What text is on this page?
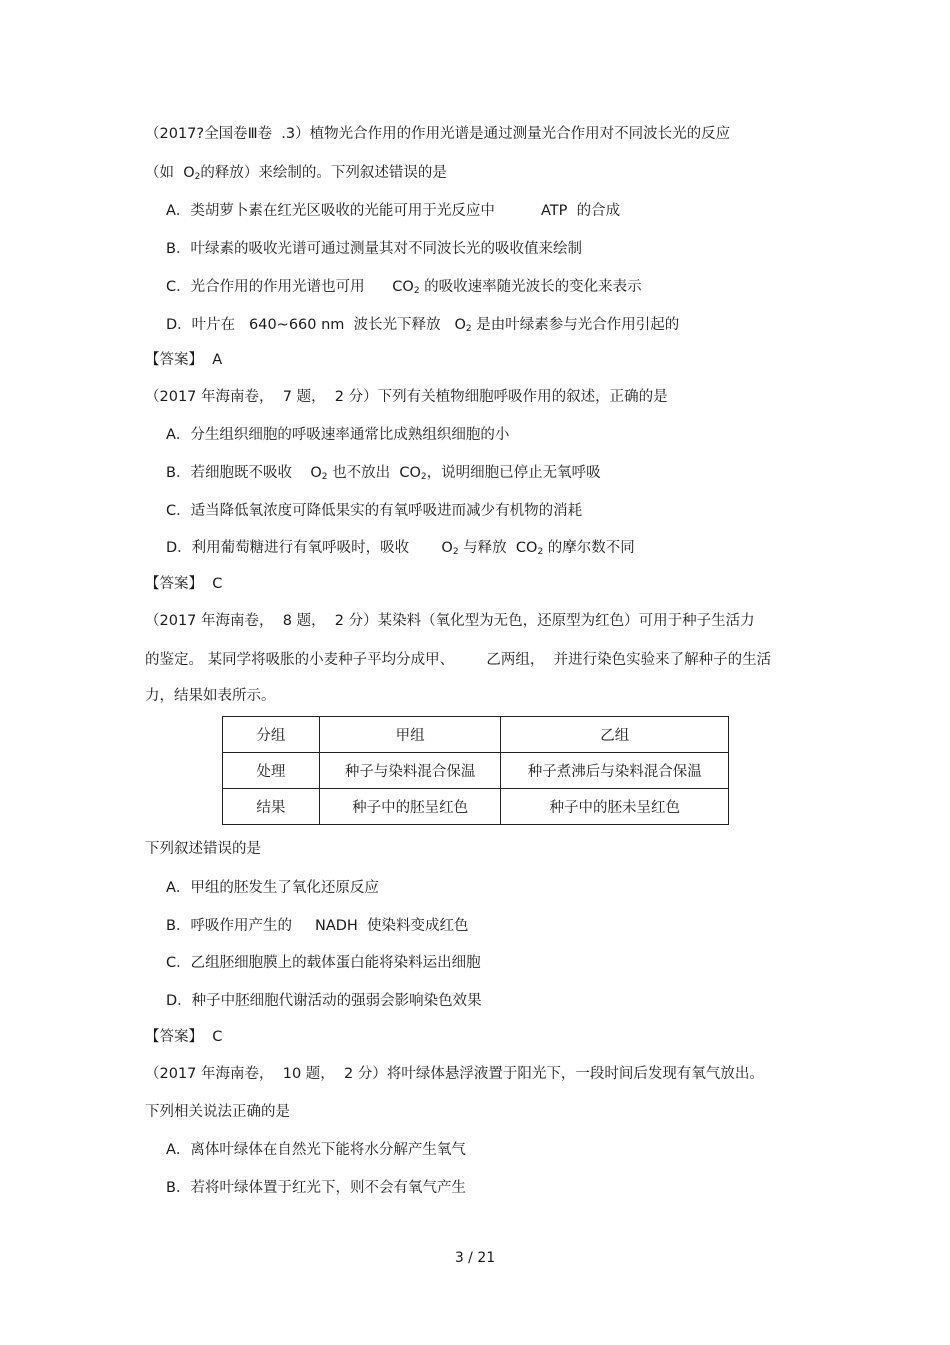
（2017?全国卷Ⅲ卷  .3）植物光合作用的作用光谱是通过测量光合作用对不同波长光的反应
（如  $O_2$的释放）来绘制的。下列叙述错误的是
A．类胡萝卜素在红光区吸收的光能可用于光反应中          ATP  的合成
B．叶绿素的吸收光谱可通过测量其对不同波长光的吸收值来绘制
C．光合作用的作用光谱也可用      $CO_2$ 的吸收速率随光波长的变化来表示
D．叶片在   640~660 nm  波长光下释放   $O_2$ 是由叶绿素参与光合作用引起的
【答案】  A
（2017 年海南卷，  7 题，  2 分）下列有关植物细胞呼吸作用的叙述，正确的是
A．分生组织细胞的呼吸速率通常比成熟组织细胞的小
B．若细胞既不吸收    $O_2$ 也不放出  $CO_2$，说明细胞已停止无氧呼吸
C．适当降低氧浓度可降低果实的有氧呼吸进而减少有机物的消耗
D．利用葡萄糖进行有氧呼吸时，吸收       $O_2$ 与释放  $CO_2$ 的摩尔数不同
【答案】  C
（2017 年海南卷，  8 题，  2 分）某染料（氧化型为无色，还原型为红色）可用于种子生活力
的鉴定。 某同学将吸胀的小麦种子平均分成甲、       乙两组，  并进行染色实验来了解种子的生活
力，结果如表所示。
分组	甲组	乙组
处理	种子与染料混合保温	种子煮沸后与染料混合保温
结果	种子中的胚呈红色	种子中的胚未呈红色
下列叙述错误的是
A．甲组的胚发生了氧化还原反应
B．呼吸作用产生的     NADH  使染料变成红色
C．乙组胚细胞膜上的载体蛋白能将染料运出细胞
D．种子中胚细胞代谢活动的强弱会影响染色效果
【答案】  C
（2017 年海南卷，  10 题，  2 分）将叶绿体悬浮液置于阳光下，一段时间后发现有氧气放出。
下列相关说法正确的是
A．离体叶绿体在自然光下能将水分解产生氧气
B．若将叶绿体置于红光下，则不会有氧气产生
3 / 21
